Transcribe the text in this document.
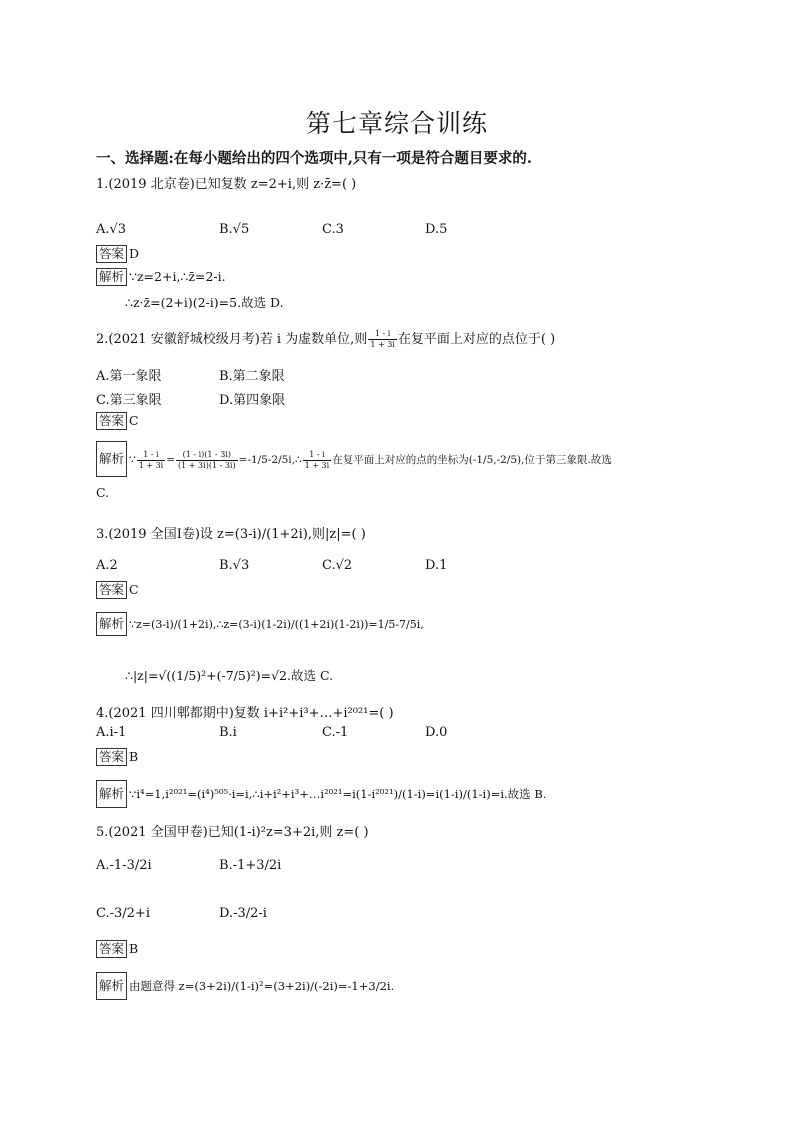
第七章综合训练
一、选择题:在每小题给出的四个选项中,只有一项是符合题目要求的.
1.(2019 北京卷)已知复数 z=2+i,则 z·z̄=( )
A.√3	B.√5	C.3	D.5
答案 D
解析 ∵z=2+i,∴z̄=2-i.
∴z·z̄=(2+i)(2-i)=5.故选 D.
2.(2021 安徽舒城校级月考)若 i 为虚数单位,则 $\frac{1 - i}{1 + 3i}$ 在复平面上对应的点位于( )
A.第一象限	B.第二象限
C.第三象限	D.第四象限
答案 C
解析 ∵ $\frac{1 - i}{1 + 3i} = \frac{(1 - i)(1 - 3i)}{(1 + 3i)(1 - 3i)}$ =-1/5-2/5i,∴ $\frac{1 - i}{1 + 3i}$ 在复平面上对应的点的坐标为(-1/5,-2/5),位于第三象限.故选
C.
3.(2019 全国Ⅰ卷)设 z=(3-i)/(1+2i),则|z|=( )
A.2	B.√3	C.√2	D.1
答案 C
解析 ∵z=(3-i)/(1+2i),∴z=(3-i)(1-2i)/((1+2i)(1-2i))=1/5-7/5i,
∴|z|=√((1/5)²+(-7/5)²)=√2.故选 C.
4.(2021 四川郫都期中)复数 i+i²+i³+…+i²⁰²¹=( )
A.i-1	B.i	C.-1	D.0
答案 B
解析 ∵i⁴=1,i²⁰²¹=(i⁴)⁵⁰⁵·i=i,∴i+i²+i³+…i²⁰²¹=i(1-i²⁰²¹)/(1-i)=i(1-i)/(1-i)=i.故选 B.
5.(2021 全国甲卷)已知(1-i)²z=3+2i,则 z=( )
A.-1-3/2i	B.-1+3/2i
C.-3/2+i	D.-3/2-i
答案 B
解析 由题意得 z=(3+2i)/(1-i)²=(3+2i)/(-2i)=-1+3/2i.
